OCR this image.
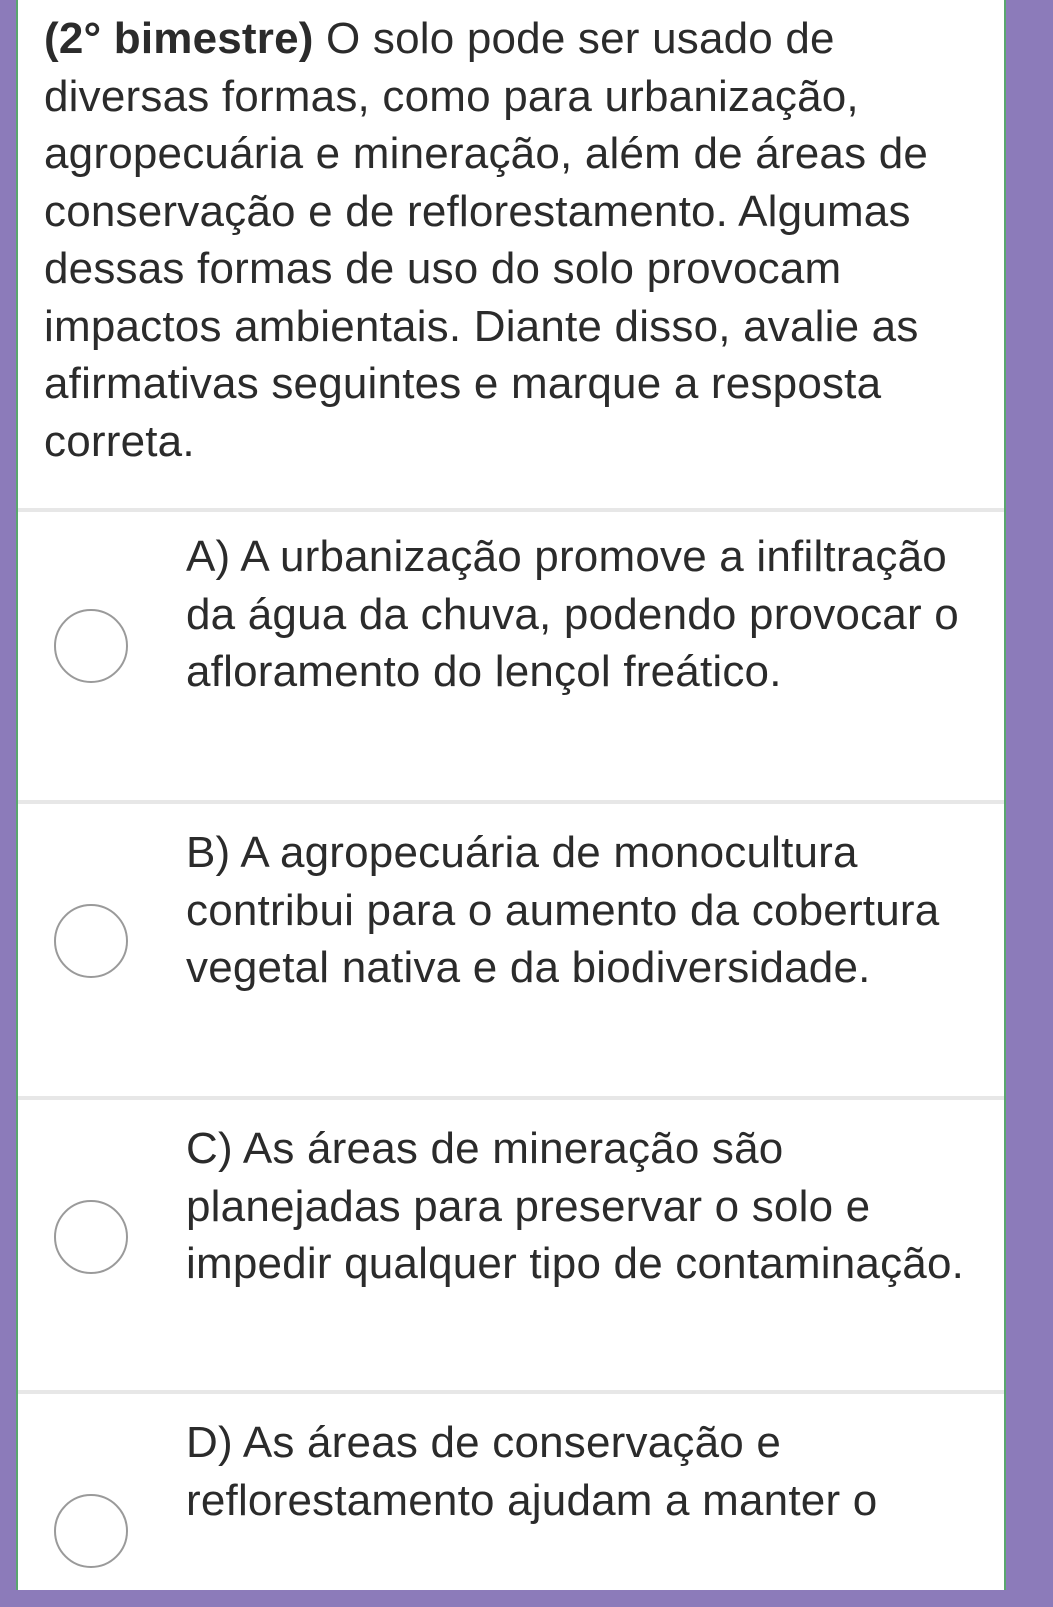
(2° bimestre) O solo pode ser usado de diversas formas, como para urbanização, agropecuária e mineração, além de áreas de conservação e de reflorestamento. Algumas dessas formas de uso do solo provocam impactos ambientais. Diante disso, avalie as afirmativas seguintes e marque a resposta correta.
A) A urbanização promove a infiltração da água da chuva, podendo provocar o afloramento do lençol freático.
B) A agropecuária de monocultura contribui para o aumento da cobertura vegetal nativa e da biodiversidade.
C) As áreas de mineração são planejadas para preservar o solo e impedir qualquer tipo de contaminação.
D) As áreas de conservação e reflorestamento ajudam a manter o
